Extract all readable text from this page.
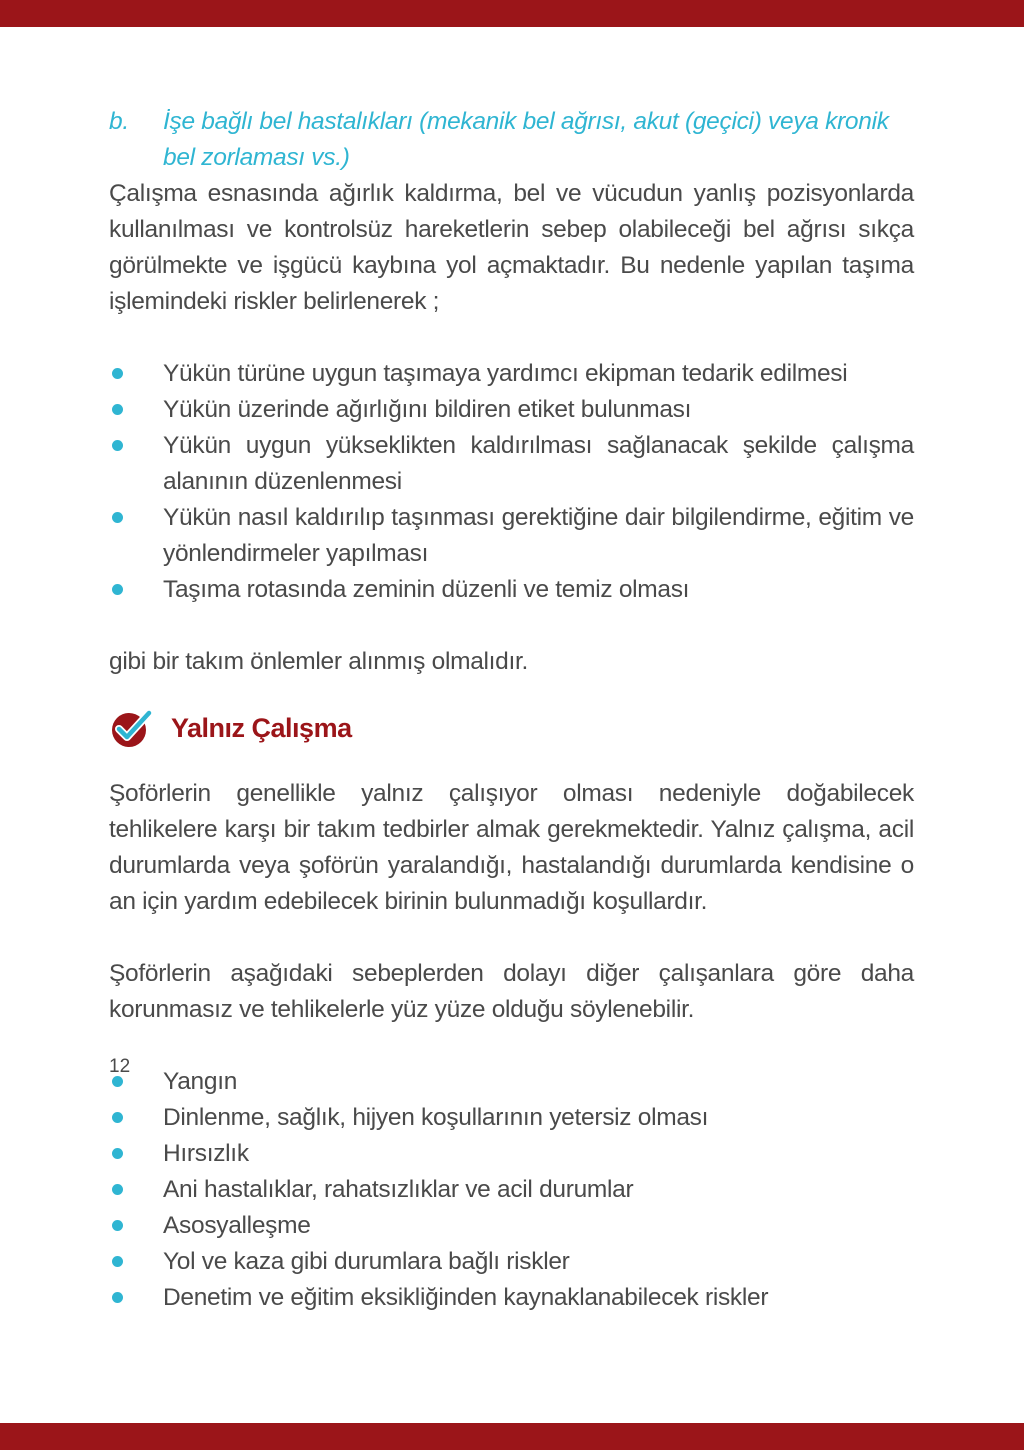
b.	İşe bağlı bel hastalıkları (mekanik bel ağrısı, akut (geçici) veya kronik bel zorlaması vs.)

Çalışma esnasında ağırlık kaldırma, bel ve vücudun yanlış pozisyonlarda kullanılması ve kontrolsüz hareketlerin sebep olabileceği bel ağrısı sıkça görülmekte ve işgücü kaybına yol açmaktadır. Bu nedenle yapılan taşıma işlemindeki riskler belirlenerek ;

Yükün türüne uygun taşımaya yardımcı ekipman tedarik edilmesi
Yükün üzerinde ağırlığını bildiren etiket bulunması
Yükün uygun yükseklikten kaldırılması sağlanacak şekilde çalışma alanının düzenlenmesi
Yükün nasıl kaldırılıp taşınması gerektiğine dair bilgilendirme, eğitim ve yönlendirmeler yapılması
Taşıma rotasında zeminin düzenli ve temiz olması

gibi bir takım önlemler alınmış olmalıdır.

Yalnız Çalışma

Şoförlerin genellikle yalnız çalışıyor olması nedeniyle doğabilecek tehlikelere karşı bir takım tedbirler almak gerekmektedir. Yalnız çalışma, acil durumlarda veya şoförün yaralandığı, hastalandığı durumlarda kendisine o an için yardım edebilecek birinin bulunmadığı koşullardır.

Şoförlerin aşağıdaki sebeplerden dolayı diğer çalışanlara göre daha korunmasız ve tehlikelerle yüz yüze olduğu söylenebilir.

Yangın
Dinlenme, sağlık, hijyen koşullarının yetersiz olması
Hırsızlık
Ani hastalıklar, rahatsızlıklar ve acil durumlar
Asosyalleşme
Yol ve kaza gibi durumlara bağlı riskler
Denetim ve eğitim eksikliğinden kaynaklanabilecek riskler
12
